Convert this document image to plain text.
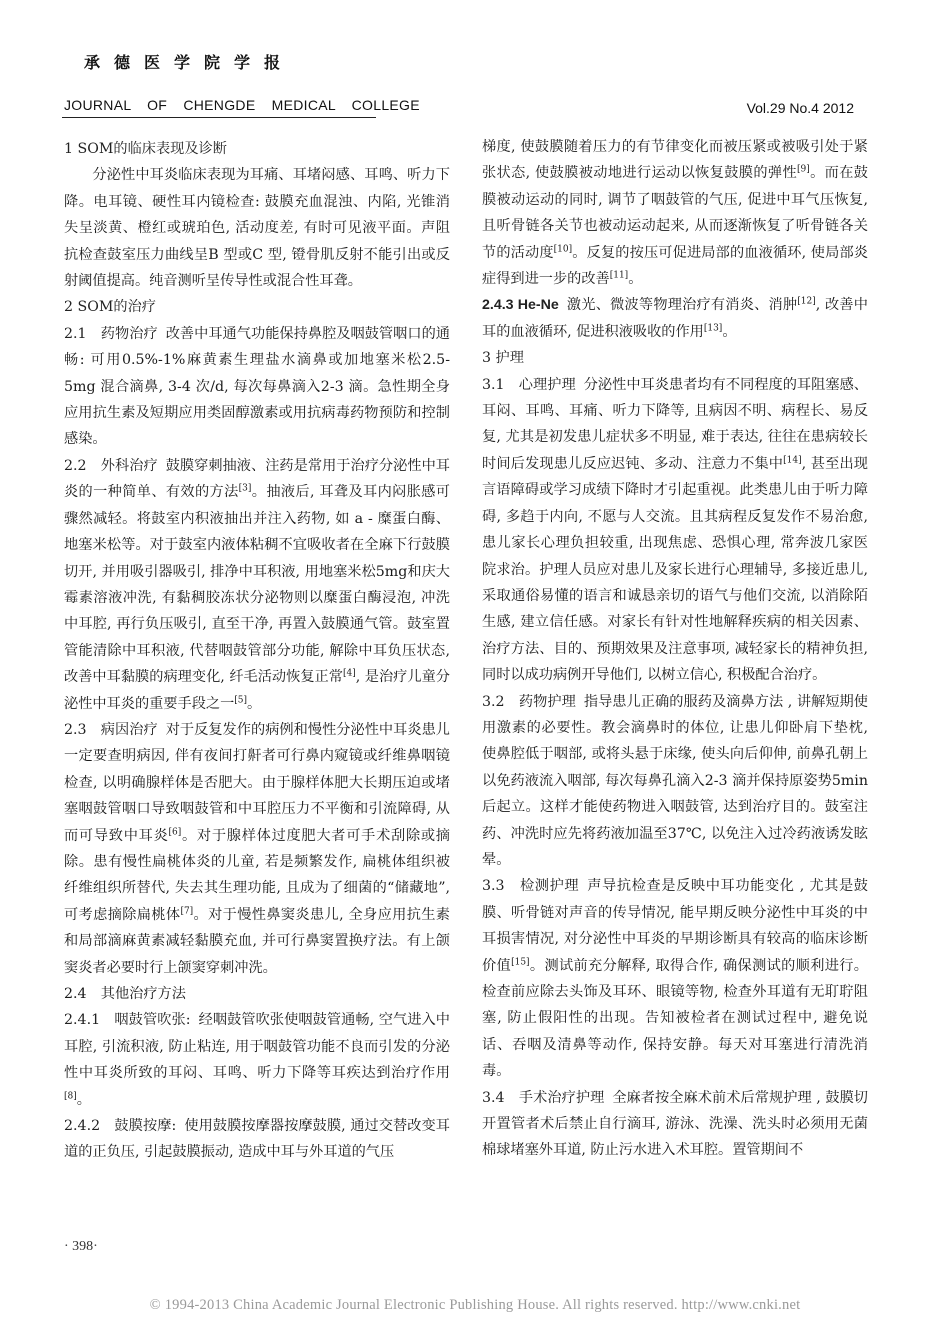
承德医学院学报
JOURNAL OF CHENGDE MEDICAL COLLEGE	Vol.29 No.4 2012

1 SOM的临床表现及诊断

分泌性中耳炎临床表现为耳痛、耳堵闷感、耳鸣、听力下降。电耳镜、硬性耳内镜检查: 鼓膜充血混浊、内陷, 光锥消失呈淡黄、橙红或琥珀色, 活动度差, 有时可见液平面。声阻抗检查鼓室压力曲线呈B 型或C 型, 镫骨肌反射不能引出或反射阈值提高。纯音测听呈传导性或混合性耳聋。

2 SOM的治疗

2.1　药物治疗 改善中耳通气功能保持鼻腔及咽鼓管咽口的通畅: 可用0.5%-1%麻黄素生理盐水滴鼻或加地塞米松2.5-5mg 混合滴鼻, 3-4 次/d, 每次每鼻滴入2-3 滴。急性期全身应用抗生素及短期应用类固醇激素或用抗病毒药物预防和控制感染。

2.2　外科治疗 鼓膜穿刺抽液、注药是常用于治疗分泌性中耳炎的一种简单、有效的方法[3]。抽液后, 耳聋及耳内闷胀感可骤然减轻。将鼓室内积液抽出并注入药物, 如 a - 糜蛋白酶、地塞米松等。对于鼓室内液体粘稠不宜吸收者在全麻下行鼓膜切开, 并用吸引器吸引, 排净中耳积液, 用地塞米松5mg和庆大霉素溶液冲洗, 有黏稠胶冻状分泌物则以糜蛋白酶浸泡, 冲洗中耳腔, 再行负压吸引, 直至干净, 再置入鼓膜通气管。鼓室置管能清除中耳积液, 代替咽鼓管部分功能, 解除中耳负压状态, 改善中耳黏膜的病理变化, 纤毛活动恢复正常[4], 是治疗儿童分泌性中耳炎的重要手段之一[5]。

2.3　病因治疗 对于反复发作的病例和慢性分泌性中耳炎患儿一定要查明病因, 伴有夜间打鼾者可行鼻内窥镜或纤维鼻咽镜检查, 以明确腺样体是否肥大。由于腺样体肥大长期压迫或堵塞咽鼓管咽口导致咽鼓管和中耳腔压力不平衡和引流障碍, 从而可导致中耳炎[6]。对于腺样体过度肥大者可手术刮除或摘除。患有慢性扁桃体炎的儿童, 若是频繁发作, 扁桃体组织被纤维组织所替代, 失去其生理功能, 且成为了细菌的“储藏地”, 可考虑摘除扁桃体[7]。对于慢性鼻窦炎患儿, 全身应用抗生素和局部滴麻黄素减轻黏膜充血, 并可行鼻窦置换疗法。有上颌窦炎者必要时行上颌窦穿刺冲洗。

2.4　其他治疗方法

2.4.1　咽鼓管吹张: 经咽鼓管吹张使咽鼓管通畅, 空气进入中耳腔, 引流积液, 防止粘连, 用于咽鼓管功能不良而引发的分泌性中耳炎所致的耳闷、耳鸣、听力下降等耳疾达到治疗作用[8]。

2.4.2　鼓膜按摩: 使用鼓膜按摩器按摩鼓膜, 通过交替改变耳道的正负压, 引起鼓膜振动, 造成中耳与外耳道的气压

梯度, 使鼓膜随着压力的有节律变化而被压紧或被吸引处于紧张状态, 使鼓膜被动地进行运动以恢复鼓膜的弹性[9]。而在鼓膜被动运动的同时, 调节了咽鼓管的气压, 促进中耳气压恢复, 且听骨链各关节也被动运动起来, 从而逐渐恢复了听骨链各关节的活动度[10]。反复的按压可促进局部的血液循环, 使局部炎症得到进一步的改善[11]。

2.4.3 He-Ne 激光、微波等物理治疗有消炎、消肿[12], 改善中耳的血液循环, 促进积液吸收的作用[13]。

3 护理

3.1　心理护理 分泌性中耳炎患者均有不同程度的耳阻塞感、耳闷、耳鸣、耳痛、听力下降等, 且病因不明、病程长、易反复, 尤其是初发患儿症状多不明显, 难于表达, 往往在患病较长时间后发现患儿反应迟钝、多动、注意力不集中[14], 甚至出现言语障碍或学习成绩下降时才引起重视。此类患儿由于听力障碍, 多趋于内向, 不愿与人交流。且其病程反复发作不易治愈, 患儿家长心理负担较重, 出现焦虑、恐惧心理, 常奔波几家医院求治。护理人员应对患儿及家长进行心理辅导, 多接近患儿, 采取通俗易懂的语言和诚恳亲切的语气与他们交流, 以消除陌生感, 建立信任感。对家长有针对性地解释疾病的相关因素、治疗方法、目的、预期效果及注意事项, 减轻家长的精神负担, 同时以成功病例开导他们, 以树立信心, 积极配合治疗。

3.2　药物护理 指导患儿正确的服药及滴鼻方法 , 讲解短期使用激素的必要性。教会滴鼻时的体位, 让患儿仰卧肩下垫枕, 使鼻腔低于咽部, 或将头悬于床缘, 使头向后仰伸, 前鼻孔朝上以免药液流入咽部, 每次每鼻孔滴入2-3 滴并保持原姿势5min后起立。这样才能使药物进入咽鼓管, 达到治疗目的。鼓室注药、冲洗时应先将药液加温至37℃, 以免注入过冷药液诱发眩晕。

3.3　检测护理 声导抗检查是反映中耳功能变化 , 尤其是鼓膜、听骨链对声音的传导情况, 能早期反映分泌性中耳炎的中耳损害情况, 对分泌性中耳炎的早期诊断具有较高的临床诊断价值[15]。测试前充分解释, 取得合作, 确保测试的顺利进行。检查前应除去头饰及耳环、眼镜等物, 检查外耳道有无耵聍阻塞, 防止假阳性的出现。告知被检者在测试过程中, 避免说话、吞咽及清鼻等动作, 保持安静。每天对耳塞进行清洗消毒。

3.4　手术治疗护理 全麻者按全麻术前术后常规护理 , 鼓膜切开置管者术后禁止自行滴耳, 游泳、洗澡、洗头时必须用无菌棉球堵塞外耳道, 防止污水进入术耳腔。置管期间不

· 398·
© 1994-2013 China Academic Journal Electronic Publishing House. All rights reserved. http://www.cnki.net
